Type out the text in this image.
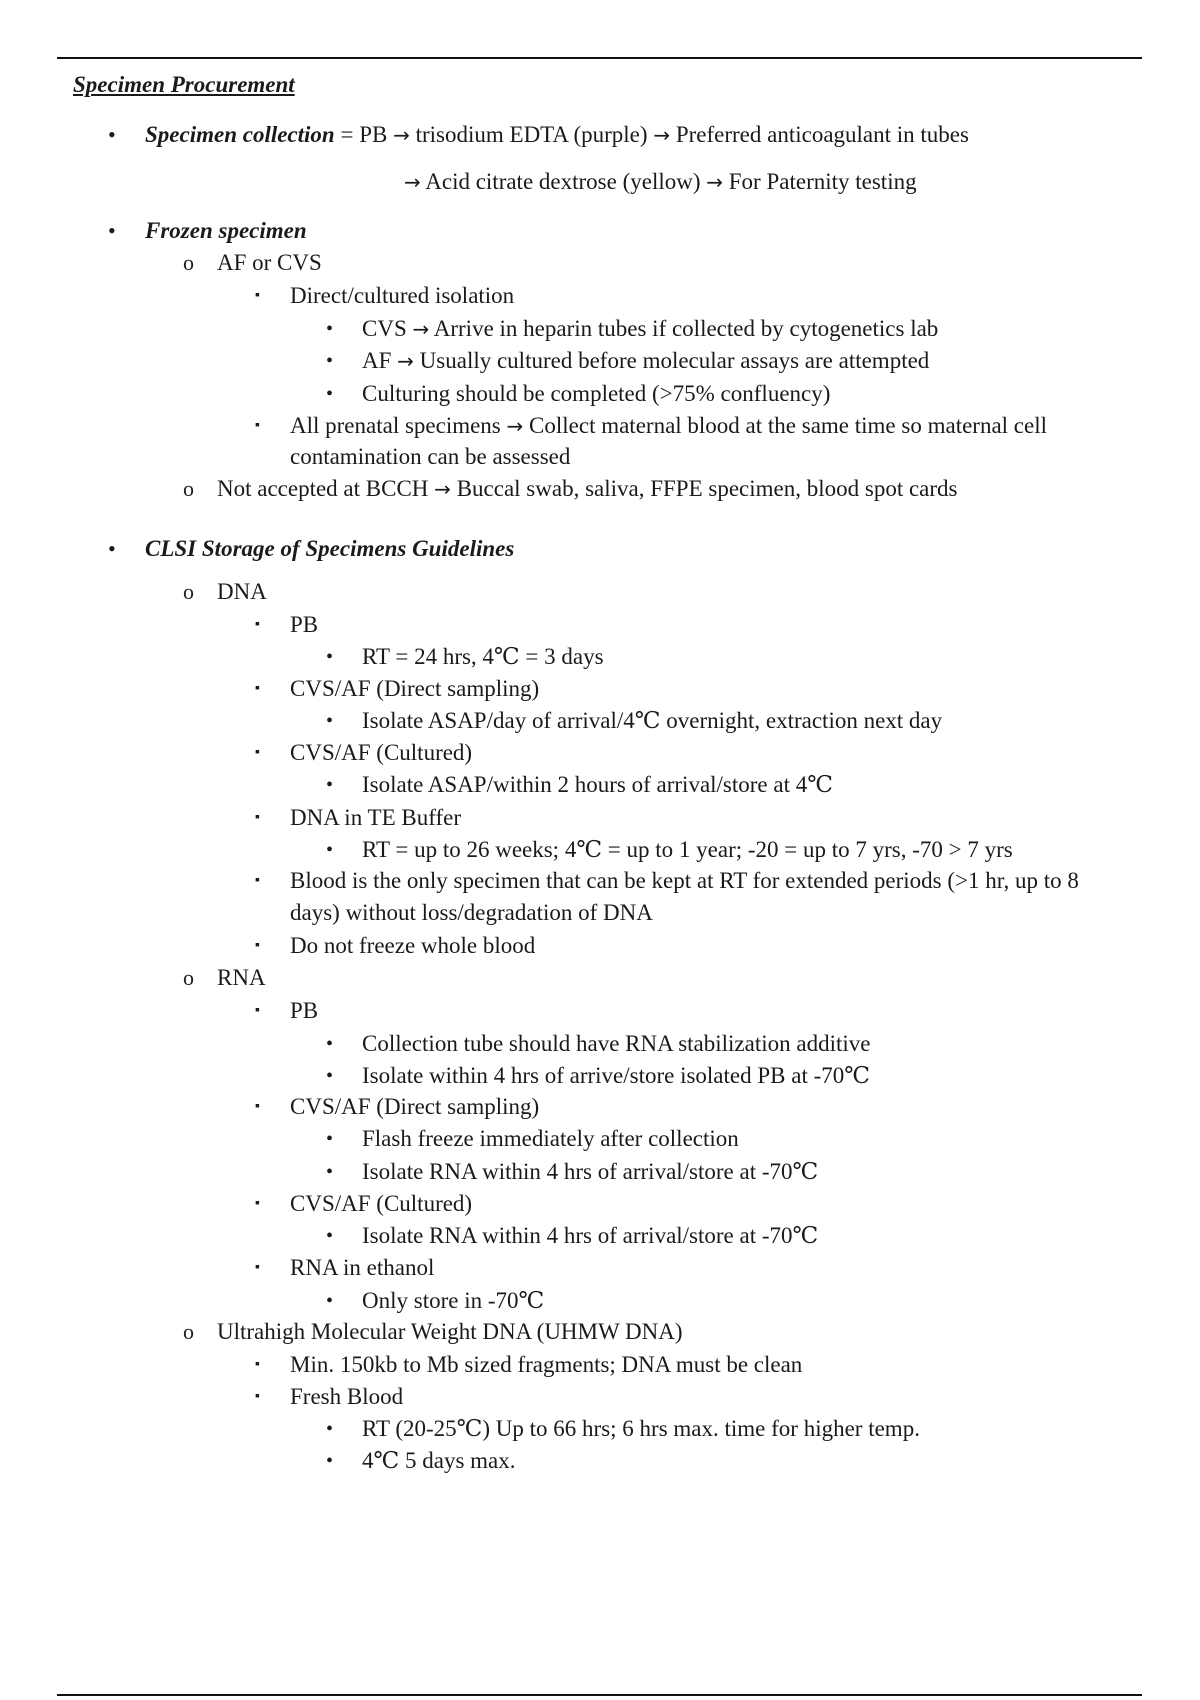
Specimen Procurement
• Specimen collection = PB → trisodium EDTA (purple) → Preferred anticoagulant in tubes
→ Acid citrate dextrose (yellow) → For Paternity testing
• Frozen specimen
o AF or CVS
▪ Direct/cultured isolation
• CVS → Arrive in heparin tubes if collected by cytogenetics lab
• AF → Usually cultured before molecular assays are attempted
• Culturing should be completed (>75% confluency)
▪ All prenatal specimens → Collect maternal blood at the same time so maternal cell
contamination can be assessed
o Not accepted at BCCH → Buccal swab, saliva, FFPE specimen, blood spot cards
• CLSI Storage of Specimens Guidelines
o DNA
▪ PB
• RT = 24 hrs, 4℃ = 3 days
▪ CVS/AF (Direct sampling)
• Isolate ASAP/day of arrival/4℃ overnight, extraction next day
▪ CVS/AF (Cultured)
• Isolate ASAP/within 2 hours of arrival/store at 4℃
▪ DNA in TE Buffer
• RT = up to 26 weeks; 4℃ = up to 1 year; -20 = up to 7 yrs, -70 > 7 yrs
▪ Blood is the only specimen that can be kept at RT for extended periods (>1 hr, up to 8
days) without loss/degradation of DNA
▪ Do not freeze whole blood
o RNA
▪ PB
• Collection tube should have RNA stabilization additive
• Isolate within 4 hrs of arrive/store isolated PB at -70℃
▪ CVS/AF (Direct sampling)
• Flash freeze immediately after collection
• Isolate RNA within 4 hrs of arrival/store at -70℃
▪ CVS/AF (Cultured)
• Isolate RNA within 4 hrs of arrival/store at -70℃
▪ RNA in ethanol
• Only store in -70℃
o Ultrahigh Molecular Weight DNA (UHMW DNA)
▪ Min. 150kb to Mb sized fragments; DNA must be clean
▪ Fresh Blood
• RT (20-25℃) Up to 66 hrs; 6 hrs max. time for higher temp.
• 4℃ 5 days max.
